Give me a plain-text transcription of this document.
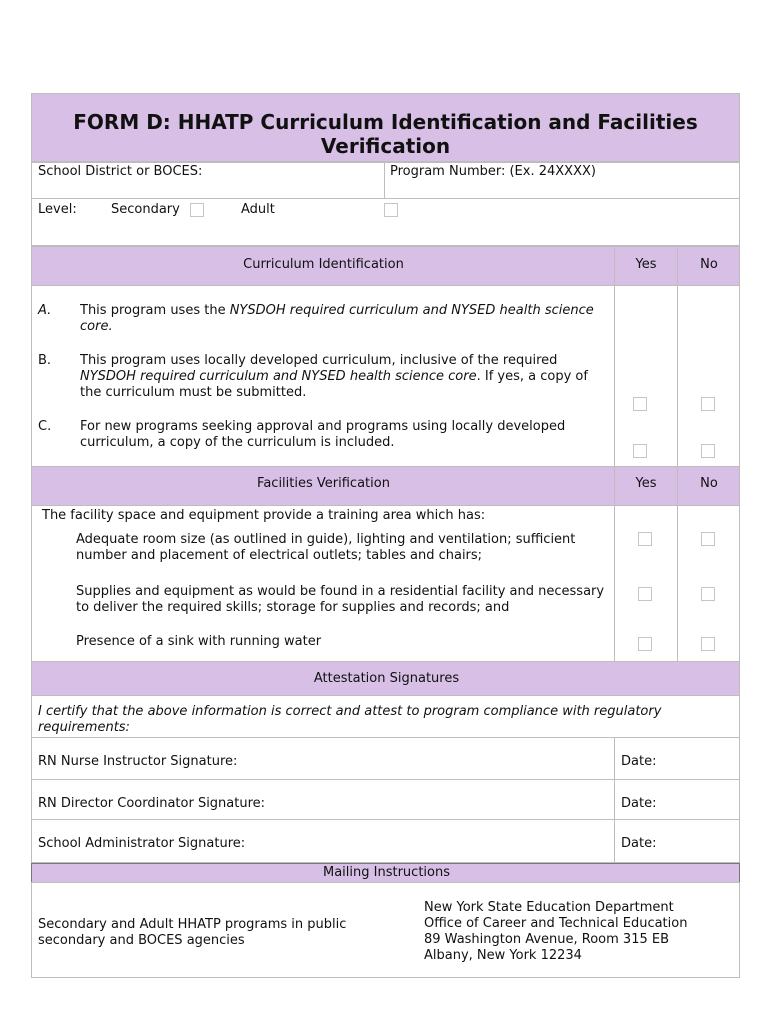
FORM D: HHATP Curriculum Identification and Facilities
Verification
School District or BOCES:	Program Number: (Ex. 24XXXX)
Level:	Secondary	Adult
Curriculum Identification	Yes	No
A. This program uses the NYSDOH required curriculum and NYSED health science core.
B. This program uses locally developed curriculum, inclusive of the required NYSDOH required curriculum and NYSED health science core. If yes, a copy of the curriculum must be submitted.
C. For new programs seeking approval and programs using locally developed curriculum, a copy of the curriculum is included.
Facilities Verification	Yes	No
The facility space and equipment provide a training area which has:
Adequate room size (as outlined in guide), lighting and ventilation; sufficient number and placement of electrical outlets; tables and chairs;
Supplies and equipment as would be found in a residential facility and necessary to deliver the required skills; storage for supplies and records; and
Presence of a sink with running water
Attestation Signatures
I certify that the above information is correct and attest to program compliance with regulatory requirements:
RN Nurse Instructor Signature:	Date:
RN Director Coordinator Signature:	Date:
School Administrator Signature:	Date:
Mailing Instructions
Secondary and Adult HHATP programs in public secondary and BOCES agencies
New York State Education Department
Office of Career and Technical Education
89 Washington Avenue, Room 315 EB
Albany, New York 12234
